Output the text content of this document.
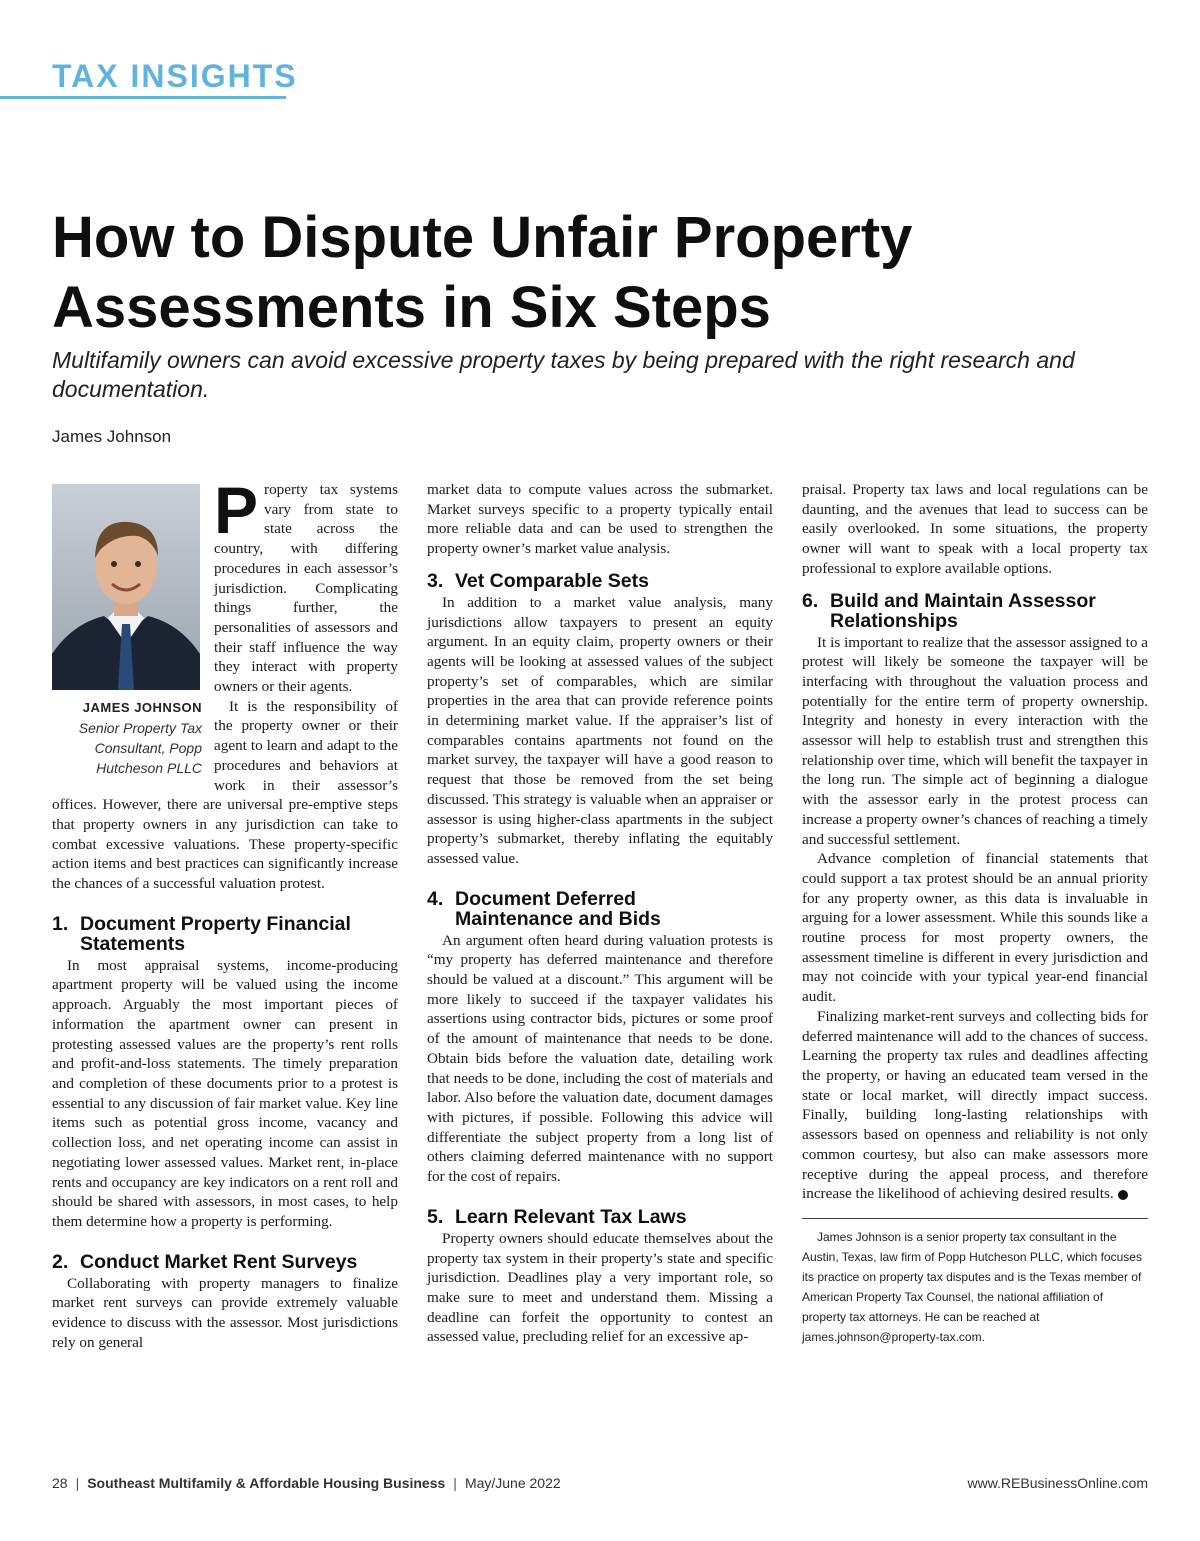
TAX INSIGHTS
How to Dispute Unfair Property
Assessments in Six Steps

Multifamily owners can avoid excessive property taxes by being prepared with the right research and documentation.

James Johnson
JAMES JOHNSON
Senior Property Tax Consultant, Popp Hutcheson PLLC

Property tax systems vary from state to state across the country, with differing procedures in each assessor’s jurisdiction. Complicating things further, the personalities of assessors and their staff influence the way they interact with property owners or their agents.

It is the responsibility of the property owner or their agent to learn and adapt to the procedures and behaviors at work in their assessor’s offices. However, there are universal pre-emptive steps that property owners in any jurisdiction can take to combat excessive valuations. These property-specific action items and best practices can significantly increase the chances of a successful valuation protest.

1. Document Property Financial
Statements

In most appraisal systems, income-producing apartment property will be valued using the income approach. Arguably the most important pieces of information the apartment owner can present in protesting assessed values are the property’s rent rolls and profit-and-loss statements. The timely preparation and completion of these documents prior to a protest is essential to any discussion of fair market value. Key line items such as potential gross income, vacancy and collection loss, and net operating income can assist in negotiating lower assessed values. Market rent, in-place rents and occupancy are key indicators on a rent roll and should be shared with assessors, in most cases, to help them determine how a property is performing.

2. Conduct Market Rent Surveys

Collaborating with property managers to finalize market rent surveys can provide extremely valuable evidence to discuss with the assessor. Most jurisdictions rely on general

market data to compute values across the submarket. Market surveys specific to a property typically entail more reliable data and can be used to strengthen the property owner’s market value analysis.

3. Vet Comparable Sets

In addition to a market value analysis, many jurisdictions allow taxpayers to present an equity argument. In an equity claim, property owners or their agents will be looking at assessed values of the subject property’s set of comparables, which are similar properties in the area that can provide reference points in determining market value. If the appraiser’s list of comparables contains apartments not found on the market survey, the taxpayer will have a good reason to request that those be removed from the set being discussed. This strategy is valuable when an appraiser or assessor is using higher-class apartments in the subject property’s submarket, thereby inflating the equitably assessed value.

4. Document Deferred
Maintenance and Bids

An argument often heard during valuation protests is “my property has deferred maintenance and therefore should be valued at a discount.” This argument will be more likely to succeed if the taxpayer validates his assertions using contractor bids, pictures or some proof of the amount of maintenance that needs to be done. Obtain bids before the valuation date, detailing work that needs to be done, including the cost of materials and labor. Also before the valuation date, document damages with pictures, if possible. Following this advice will differentiate the subject property from a long list of others claiming deferred maintenance with no support for the cost of repairs.

5. Learn Relevant Tax Laws

Property owners should educate themselves about the property tax system in their property’s state and specific jurisdiction. Deadlines play a very important role, so make sure to meet and understand them. Missing a deadline can forfeit the opportunity to contest an assessed value, precluding relief for an excessive ap-

praisal. Property tax laws and local regulations can be daunting, and the avenues that lead to success can be easily overlooked. In some situations, the property owner will want to speak with a local property tax professional to explore available options.

6. Build and Maintain Assessor
Relationships

It is important to realize that the assessor assigned to a protest will likely be someone the taxpayer will be interfacing with throughout the valuation process and potentially for the entire term of property ownership. Integrity and honesty in every interaction with the assessor will help to establish trust and strengthen this relationship over time, which will benefit the taxpayer in the long run. The simple act of beginning a dialogue with the assessor early in the protest process can increase a property owner’s chances of reaching a timely and successful settlement.

Advance completion of financial statements that could support a tax protest should be an annual priority for any property owner, as this data is invaluable in arguing for a lower assessment. While this sounds like a routine process for most property owners, the assessment timeline is different in every jurisdiction and may not coincide with your typical year-end financial audit.

Finalizing market-rent surveys and collecting bids for deferred maintenance will add to the chances of success. Learning the property tax rules and deadlines affecting the property, or having an educated team versed in the state or local market, will directly impact success. Finally, building long-lasting relationships with assessors based on openness and reliability is not only common courtesy, but also can make assessors more receptive during the appeal process, and therefore increase the likelihood of achieving desired results.

James Johnson is a senior property tax consultant in the Austin, Texas, law firm of Popp Hutcheson PLLC, which focuses its practice on property tax disputes and is the Texas member of American Property Tax Counsel, the national affiliation of property tax attorneys. He can be reached at james.johnson@property-tax.com.

28 | Southeast Multifamily & Affordable Housing Business | May/June 2022	www.REBusinessOnline.com
